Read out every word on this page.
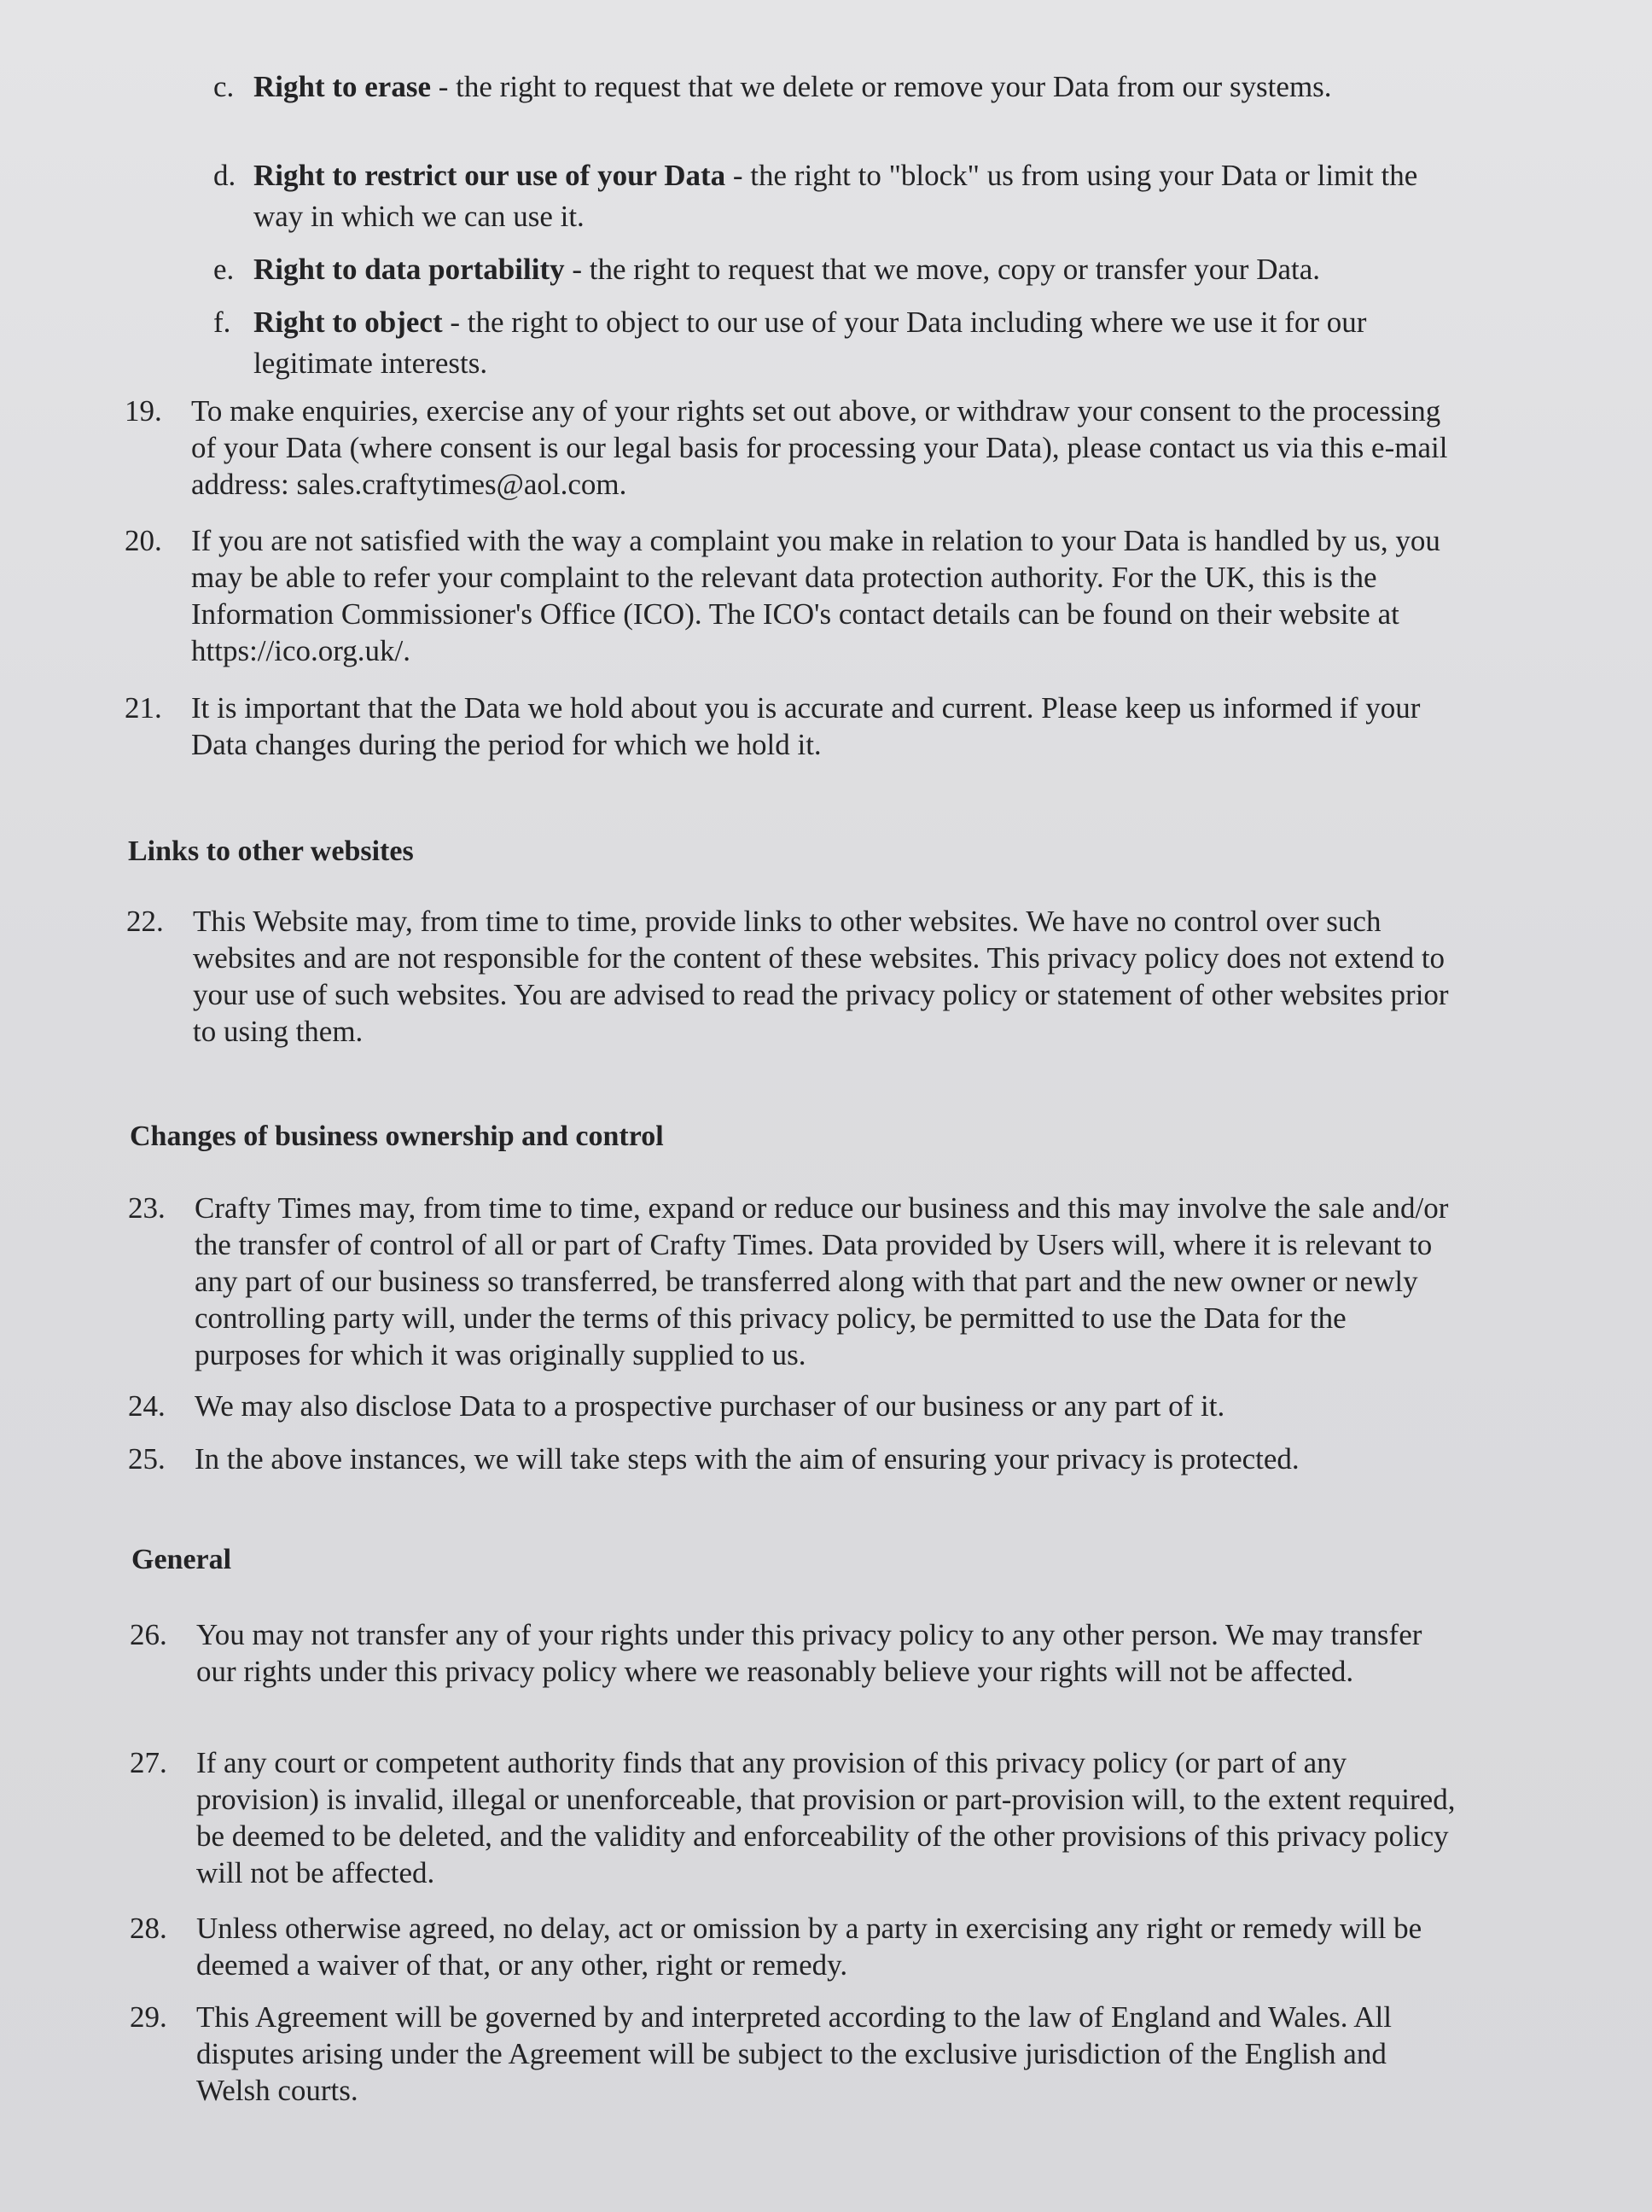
c. Right to erase - the right to request that we delete or remove your Data from our systems.
d. Right to restrict our use of your Data - the right to "block" us from using your Data or limit the way in which we can use it.
e. Right to data portability - the right to request that we move, copy or transfer your Data.
f. Right to object - the right to object to our use of your Data including where we use it for our legitimate interests.
19. To make enquiries, exercise any of your rights set out above, or withdraw your consent to the processing of your Data (where consent is our legal basis for processing your Data), please contact us via this e-mail address: sales.craftytimes@aol.com.
20. If you are not satisfied with the way a complaint you make in relation to your Data is handled by us, you may be able to refer your complaint to the relevant data protection authority. For the UK, this is the Information Commissioner's Office (ICO). The ICO's contact details can be found on their website at https://ico.org.uk/.
21. It is important that the Data we hold about you is accurate and current. Please keep us informed if your Data changes during the period for which we hold it.
Links to other websites
22. This Website may, from time to time, provide links to other websites. We have no control over such websites and are not responsible for the content of these websites. This privacy policy does not extend to your use of such websites. You are advised to read the privacy policy or statement of other websites prior to using them.
Changes of business ownership and control
23. Crafty Times may, from time to time, expand or reduce our business and this may involve the sale and/or the transfer of control of all or part of Crafty Times. Data provided by Users will, where it is relevant to any part of our business so transferred, be transferred along with that part and the new owner or newly controlling party will, under the terms of this privacy policy, be permitted to use the Data for the purposes for which it was originally supplied to us.
24. We may also disclose Data to a prospective purchaser of our business or any part of it.
25. In the above instances, we will take steps with the aim of ensuring your privacy is protected.
General
26. You may not transfer any of your rights under this privacy policy to any other person. We may transfer our rights under this privacy policy where we reasonably believe your rights will not be affected.
27. If any court or competent authority finds that any provision of this privacy policy (or part of any provision) is invalid, illegal or unenforceable, that provision or part-provision will, to the extent required, be deemed to be deleted, and the validity and enforceability of the other provisions of this privacy policy will not be affected.
28. Unless otherwise agreed, no delay, act or omission by a party in exercising any right or remedy will be deemed a waiver of that, or any other, right or remedy.
29. This Agreement will be governed by and interpreted according to the law of England and Wales. All disputes arising under the Agreement will be subject to the exclusive jurisdiction of the English and Welsh courts.
